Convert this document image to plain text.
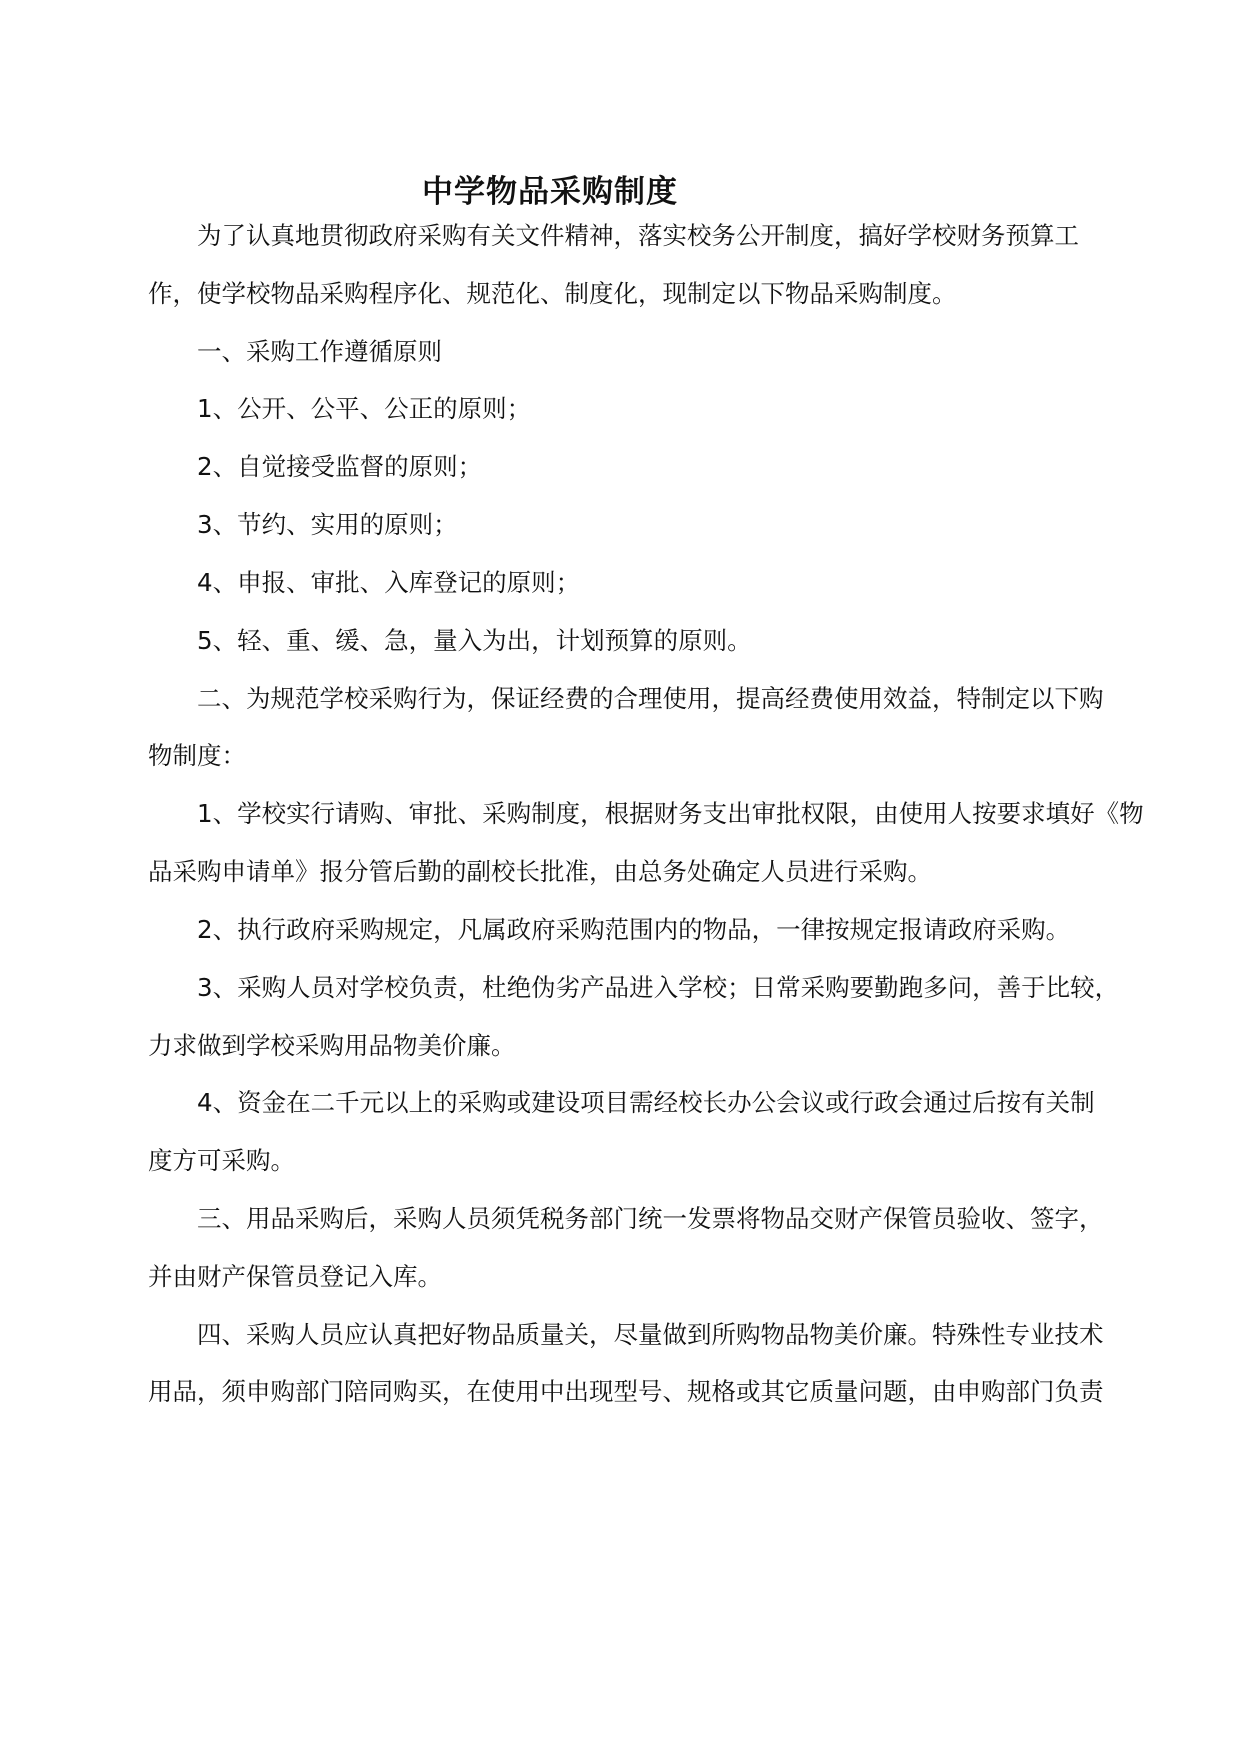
中学物品采购制度
为了认真地贯彻政府采购有关文件精神，落实校务公开制度，搞好学校财务预算工
作，使学校物品采购程序化、规范化、制度化，现制定以下物品采购制度。
一、采购工作遵循原则
1、公开、公平、公正的原则；
2、自觉接受监督的原则；
3、节约、实用的原则；
4、申报、审批、入库登记的原则；
5、轻、重、缓、急，量入为出，计划预算的原则。
二、为规范学校采购行为，保证经费的合理使用，提高经费使用效益，特制定以下购
物制度：
1、学校实行请购、审批、采购制度，根据财务支出审批权限，由使用人按要求填好《物
品采购申请单》报分管后勤的副校长批准，由总务处确定人员进行采购。
2、执行政府采购规定，凡属政府采购范围内的物品，一律按规定报请政府采购。
3、采购人员对学校负责，杜绝伪劣产品进入学校；日常采购要勤跑多问，善于比较，
力求做到学校采购用品物美价廉。
4、资金在二千元以上的采购或建设项目需经校长办公会议或行政会通过后按有关制
度方可采购。
三、用品采购后，采购人员须凭税务部门统一发票将物品交财产保管员验收、签字，
并由财产保管员登记入库。
四、采购人员应认真把好物品质量关，尽量做到所购物品物美价廉。特殊性专业技术
用品，须申购部门陪同购买，在使用中出现型号、规格或其它质量问题，由申购部门负责
